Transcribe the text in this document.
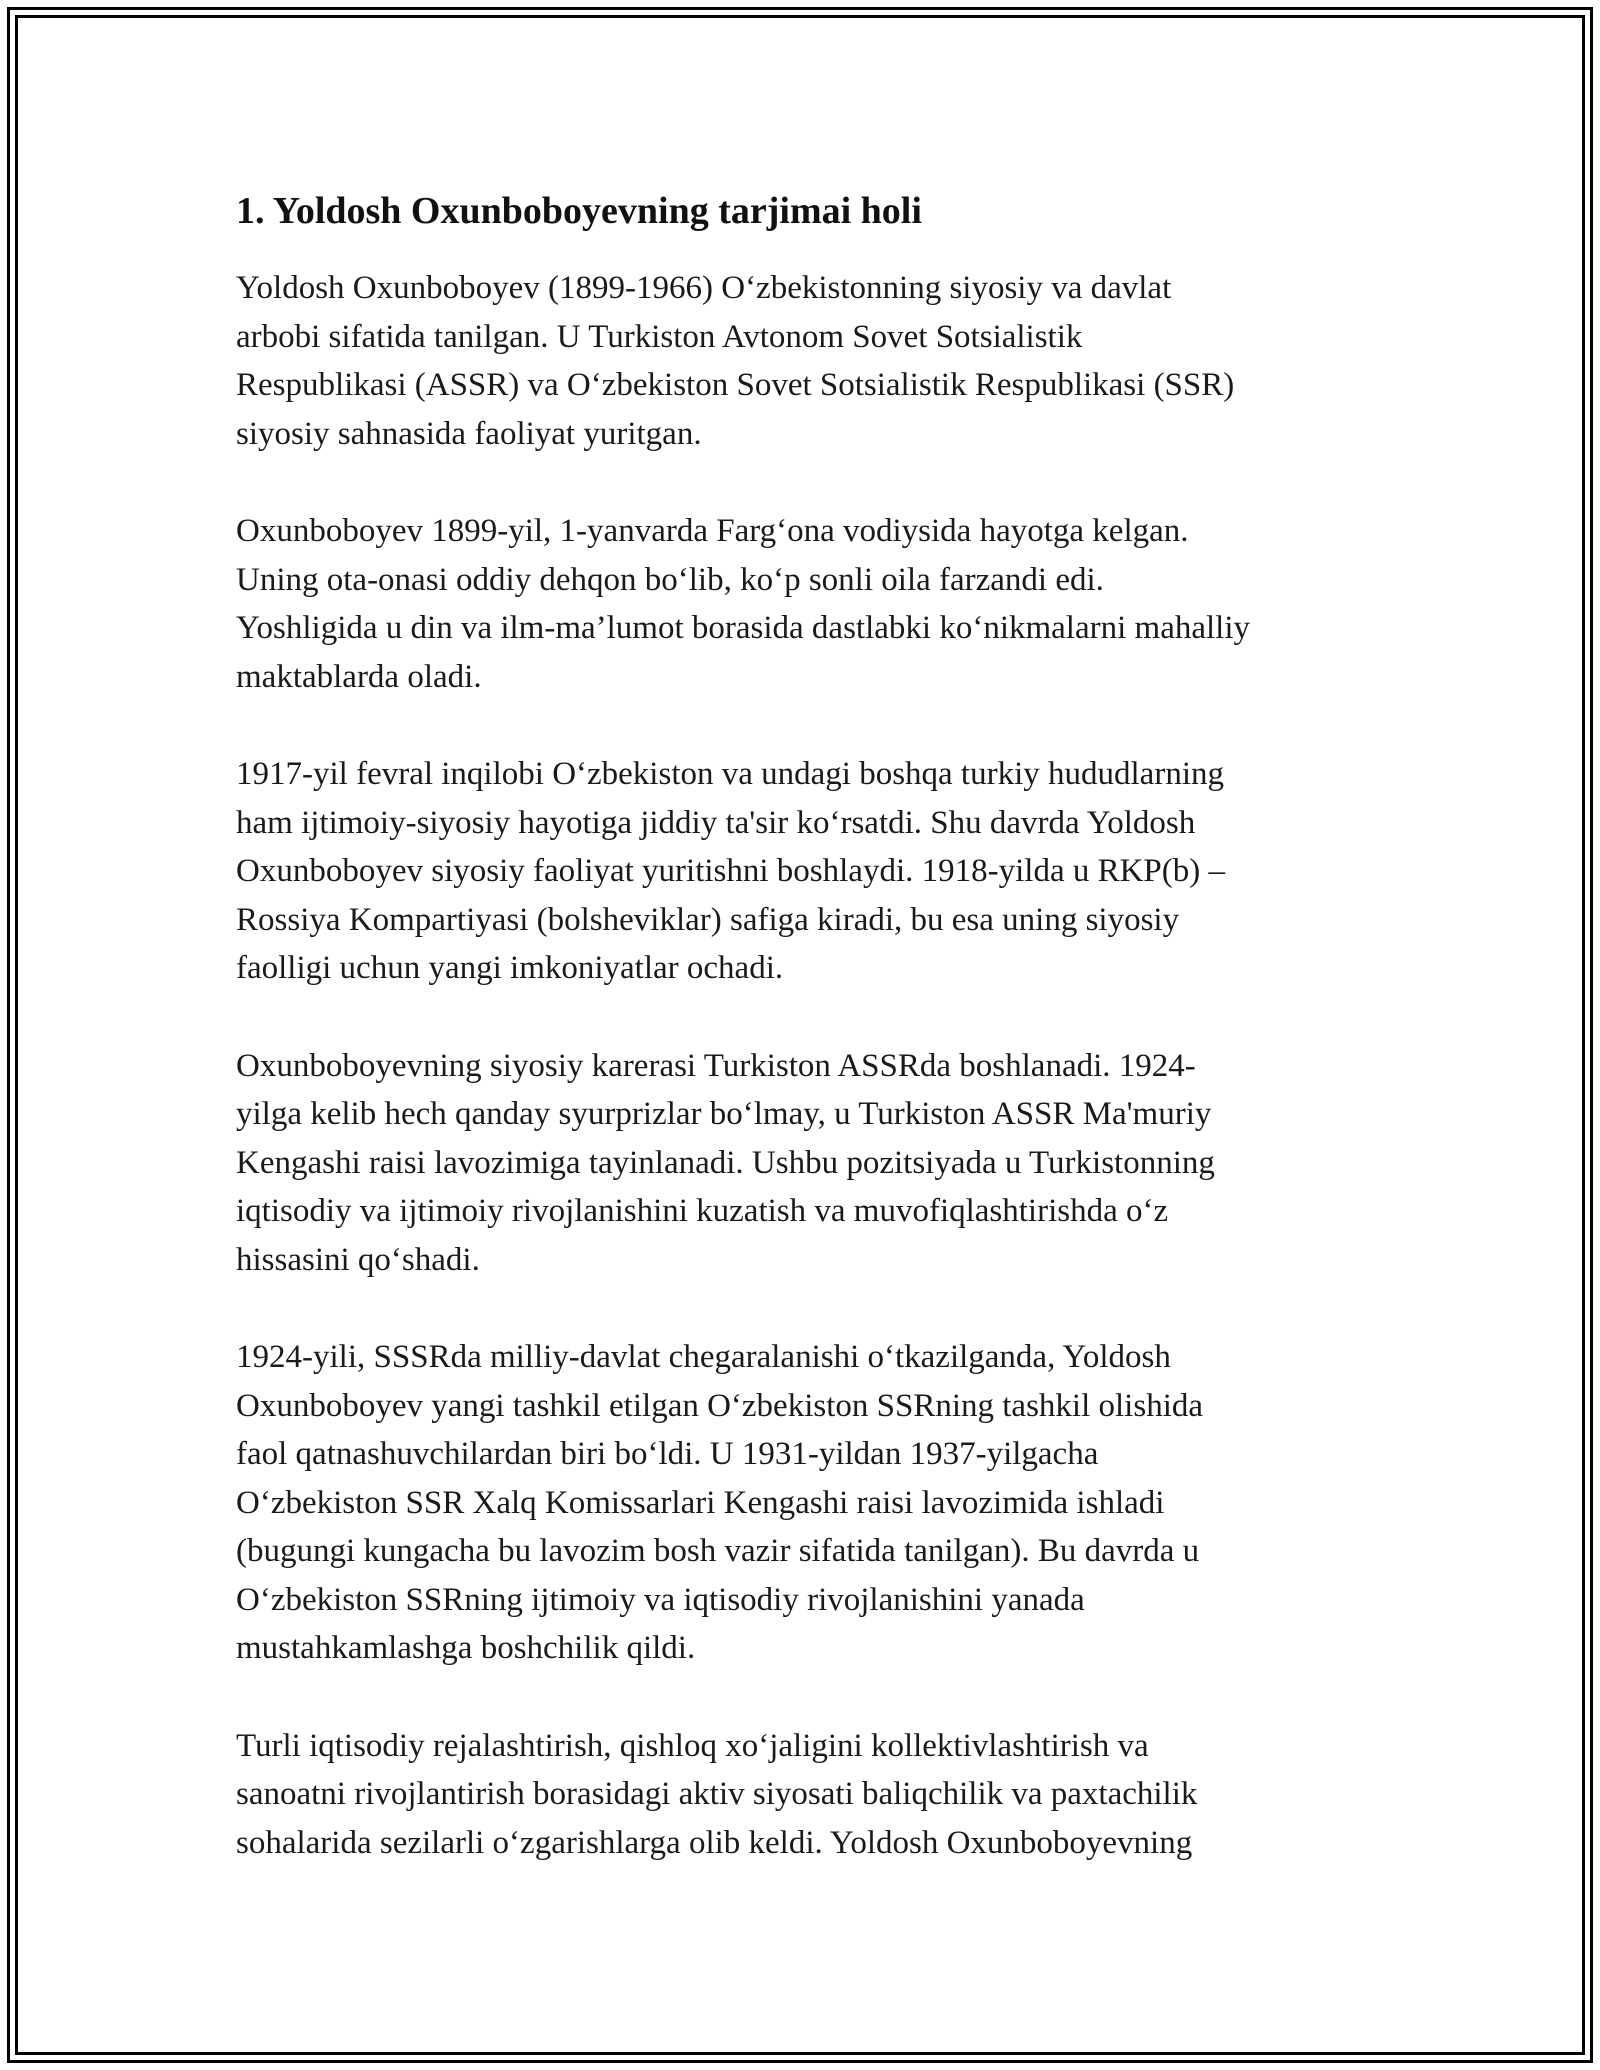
1. Yoldosh Oxunboboyevning tarjimai holi

Yoldosh Oxunboboyev (1899-1966) O‘zbekistonning siyosiy va davlat
arbobi sifatida tanilgan. U Turkiston Avtonom Sovet Sotsialistik
Respublikasi (ASSR) va O‘zbekiston Sovet Sotsialistik Respublikasi (SSR)
siyosiy sahnasida faoliyat yuritgan.

Oxunboboyev 1899-yil, 1-yanvarda Farg‘ona vodiysida hayotga kelgan.
Uning ota-onasi oddiy dehqon bo‘lib, ko‘p sonli oila farzandi edi.
Yoshligida u din va ilm-ma’lumot borasida dastlabki ko‘nikmalarni mahalliy
maktablarda oladi.

1917-yil fevral inqilobi O‘zbekiston va undagi boshqa turkiy hududlarning
ham ijtimoiy-siyosiy hayotiga jiddiy ta'sir ko‘rsatdi. Shu davrda Yoldosh
Oxunboboyev siyosiy faoliyat yuritishni boshlaydi. 1918-yilda u RKP(b) –
Rossiya Kompartiyasi (bolsheviklar) safiga kiradi, bu esa uning siyosiy
faolligi uchun yangi imkoniyatlar ochadi.

Oxunboboyevning siyosiy karerasi Turkiston ASSRda boshlanadi. 1924-
yilga kelib hech qanday syurprizlar bo‘lmay, u Turkiston ASSR Ma'muriy
Kengashi raisi lavozimiga tayinlanadi. Ushbu pozitsiyada u Turkistonning
iqtisodiy va ijtimoiy rivojlanishini kuzatish va muvofiqlashtirishda o‘z
hissasini qo‘shadi.

1924-yili, SSSRda milliy-davlat chegaralanishi o‘tkazilganda, Yoldosh
Oxunboboyev yangi tashkil etilgan O‘zbekiston SSRning tashkil olishida
faol qatnashuvchilardan biri bo‘ldi. U 1931-yildan 1937-yilgacha
O‘zbekiston SSR Xalq Komissarlari Kengashi raisi lavozimida ishladi
(bugungi kungacha bu lavozim bosh vazir sifatida tanilgan). Bu davrda u
O‘zbekiston SSRning ijtimoiy va iqtisodiy rivojlanishini yanada
mustahkamlashga boshchilik qildi.

Turli iqtisodiy rejalashtirish, qishloq xo‘jaligini kollektivlashtirish va
sanoatni rivojlantirish borasidagi aktiv siyosati baliqchilik va paxtachilik
sohalarida sezilarli o‘zgarishlarga olib keldi. Yoldosh Oxunboboyevning
